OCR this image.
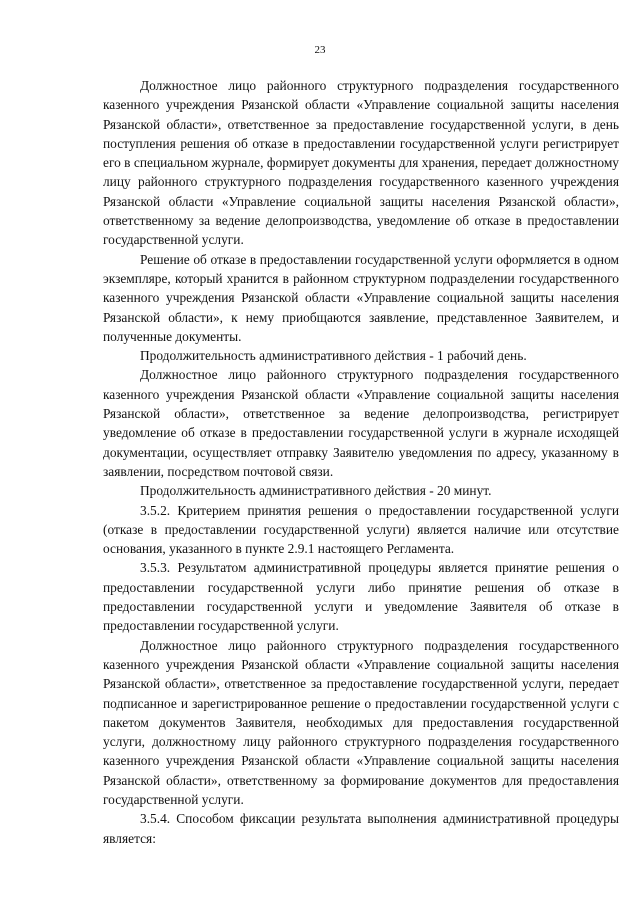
23

Должностное лицо районного структурного подразделения государственного казенного учреждения Рязанской области «Управление социальной защиты населения Рязанской области», ответственное за предоставление государственной услуги, в день поступления решения об отказе в предоставлении государственной услуги регистрирует его в специальном журнале, формирует документы для хранения, передает должностному лицу районного структурного подразделения государственного казенного учреждения Рязанской области «Управление социальной защиты населения Рязанской области», ответственному за ведение делопроизводства, уведомление об отказе в предоставлении государственной услуги.

Решение об отказе в предоставлении государственной услуги оформляется в одном экземпляре, который хранится в районном структурном подразделении государственного казенного учреждения Рязанской области «Управление социальной защиты населения Рязанской области», к нему приобщаются заявление, представленное Заявителем, и полученные документы.

Продолжительность административного действия - 1 рабочий день.

Должностное лицо районного структурного подразделения государственного казенного учреждения Рязанской области «Управление социальной защиты населения Рязанской области», ответственное за ведение делопроизводства, регистрирует уведомление об отказе в предоставлении государственной услуги в журнале исходящей документации, осуществляет отправку Заявителю уведомления по адресу, указанному в заявлении, посредством почтовой связи.

Продолжительность административного действия - 20 минут.

3.5.2. Критерием принятия решения о предоставлении государственной услуги (отказе в предоставлении государственной услуги) является наличие или отсутствие основания, указанного в пункте 2.9.1 настоящего Регламента.

3.5.3. Результатом административной процедуры является принятие решения о предоставлении государственной услуги либо принятие решения об отказе в предоставлении государственной услуги и уведомление Заявителя об отказе в предоставлении государственной услуги.

Должностное лицо районного структурного подразделения государственного казенного учреждения Рязанской области «Управление социальной защиты населения Рязанской области», ответственное за предоставление государственной услуги, передает подписанное и зарегистрированное решение о предоставлении государственной услуги с пакетом документов Заявителя, необходимых для предоставления государственной услуги, должностному лицу районного структурного подразделения государственного казенного учреждения Рязанской области «Управление социальной защиты населения Рязанской области», ответственному за формирование документов для предоставления государственной услуги.

3.5.4. Способом фиксации результата выполнения административной процедуры является:
